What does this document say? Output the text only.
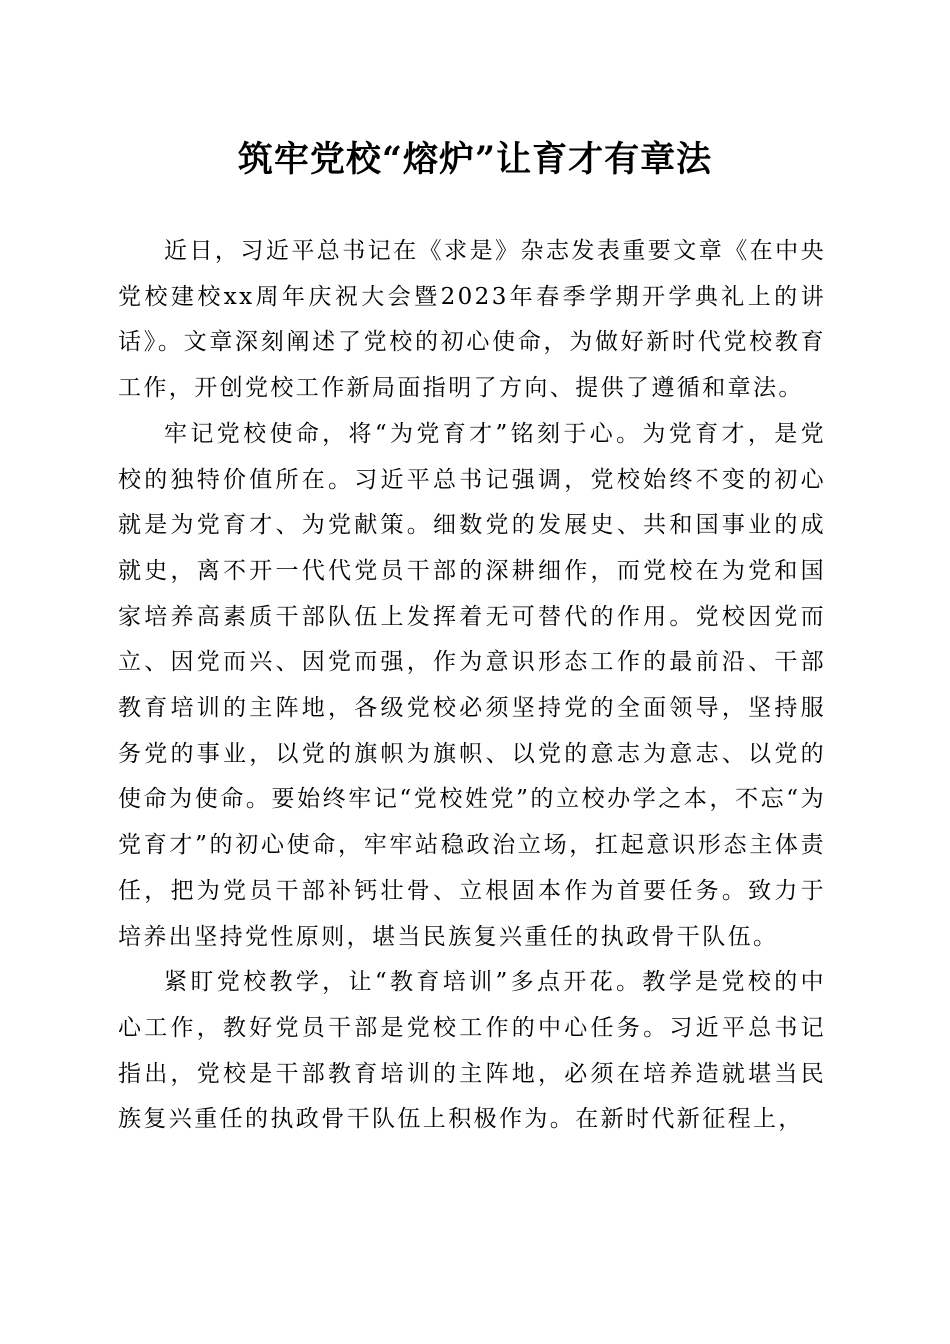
筑牢党校“熔炉”让育才有章法

近日，习近平总书记在《求是》杂志发表重要文章《在中央党校建校xx周年庆祝大会暨2023年春季学期开学典礼上的讲话》。文章深刻阐述了党校的初心使命，为做好新时代党校教育工作，开创党校工作新局面指明了方向、提供了遵循和章法。

牢记党校使命，将“为党育才”铭刻于心。为党育才，是党校的独特价值所在。习近平总书记强调，党校始终不变的初心就是为党育才、为党献策。细数党的发展史、共和国事业的成就史，离不开一代代党员干部的深耕细作，而党校在为党和国家培养高素质干部队伍上发挥着无可替代的作用。党校因党而立、因党而兴、因党而强，作为意识形态工作的最前沿、干部教育培训的主阵地，各级党校必须坚持党的全面领导，坚持服务党的事业，以党的旗帜为旗帜、以党的意志为意志、以党的使命为使命。要始终牢记“党校姓党”的立校办学之本，不忘“为党育才”的初心使命，牢牢站稳政治立场，扛起意识形态主体责任，把为党员干部补钙壮骨、立根固本作为首要任务。致力于培养出坚持党性原则，堪当民族复兴重任的执政骨干队伍。

紧盯党校教学，让“教育培训”多点开花。教学是党校的中心工作，教好党员干部是党校工作的中心任务。习近平总书记指出，党校是干部教育培训的主阵地，必须在培养造就堪当民族复兴重任的执政骨干队伍上积极作为。在新时代新征程上，
